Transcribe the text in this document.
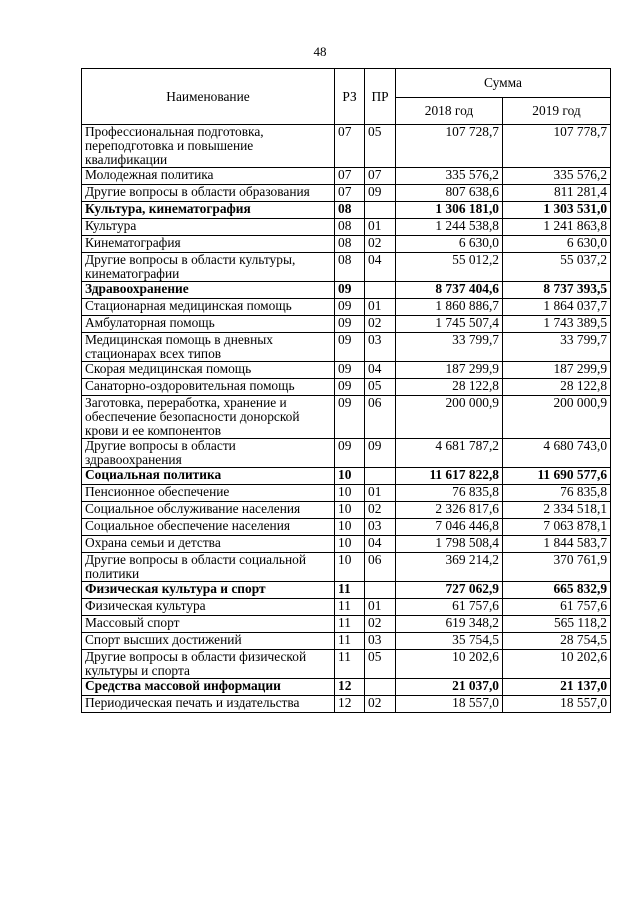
48
Наименование	РЗ	ПР	Сумма	
			2018 год	2019 год
Профессиональная подготовка, переподготовка и повышение квалификации	07	05	107 728,7	107 778,7
Молодежная политика	07	07	335 576,2	335 576,2
Другие вопросы в области образования	07	09	807 638,6	811 281,4
Культура, кинематография	08		1 306 181,0	1 303 531,0
Культура	08	01	1 244 538,8	1 241 863,8
Кинематография	08	02	6 630,0	6 630,0
Другие вопросы в области культуры, кинематографии	08	04	55 012,2	55 037,2
Здравоохранение	09		8 737 404,6	8 737 393,5
Стационарная медицинская помощь	09	01	1 860 886,7	1 864 037,7
Амбулаторная помощь	09	02	1 745 507,4	1 743 389,5
Медицинская помощь в дневных стационарах всех типов	09	03	33 799,7	33 799,7
Скорая медицинская помощь	09	04	187 299,9	187 299,9
Санаторно-оздоровительная помощь	09	05	28 122,8	28 122,8
Заготовка, переработка, хранение и обеспечение безопасности донорской крови и ее компонентов	09	06	200 000,9	200 000,9
Другие вопросы в области здравоохранения	09	09	4 681 787,2	4 680 743,0
Социальная политика	10		11 617 822,8	11 690 577,6
Пенсионное обеспечение	10	01	76 835,8	76 835,8
Социальное обслуживание населения	10	02	2 326 817,6	2 334 518,1
Социальное обеспечение населения	10	03	7 046 446,8	7 063 878,1
Охрана семьи и детства	10	04	1 798 508,4	1 844 583,7
Другие вопросы в области социальной политики	10	06	369 214,2	370 761,9
Физическая культура и спорт	11		727 062,9	665 832,9
Физическая культура	11	01	61 757,6	61 757,6
Массовый спорт	11	02	619 348,2	565 118,2
Спорт высших достижений	11	03	35 754,5	28 754,5
Другие вопросы в области физической культуры и спорта	11	05	10 202,6	10 202,6
Средства массовой информации	12		21 037,0	21 137,0
Периодическая печать и издательства	12	02	18 557,0	18 557,0
